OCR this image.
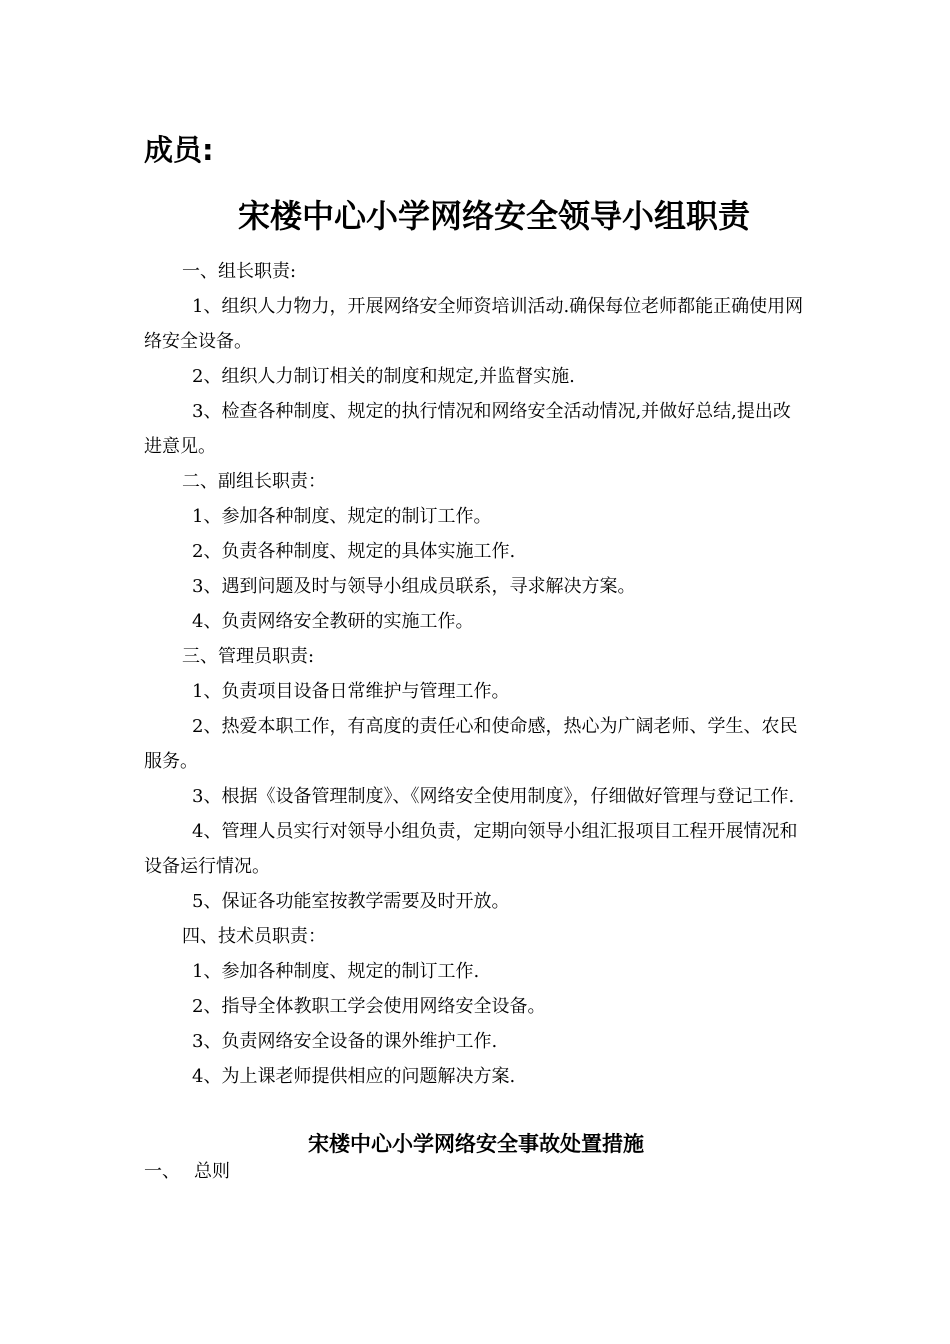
成员:
宋楼中心小学网络安全领导小组职责

一、组长职责:

1、组织人力物力，开展网络安全师资培训活动.确保每位老师都能正确使用网络安全设备。

2、组织人力制订相关的制度和规定,并监督实施.

3、检查各种制度、规定的执行情况和网络安全活动情况,并做好总结,提出改进意见。

二、副组长职责：

1、参加各种制度、规定的制订工作。

2、负责各种制度、规定的具体实施工作.

3、遇到问题及时与领导小组成员联系，寻求解决方案。

4、负责网络安全教研的实施工作。

三、管理员职责:

1、负责项目设备日常维护与管理工作。

2、热爱本职工作，有高度的责任心和使命感，热心为广阔老师、学生、农民服务。

3、根据《设备管理制度》、《网络安全使用制度》，仔细做好管理与登记工作.

4、管理人员实行对领导小组负责，定期向领导小组汇报项目工程开展情况和设备运行情况。

5、保证各功能室按教学需要及时开放。

四、技术员职责：

1、参加各种制度、规定的制订工作.

2、指导全体教职工学会使用网络安全设备。

3、负责网络安全设备的课外维护工作.

4、为上课老师提供相应的问题解决方案.

宋楼中心小学网络安全事故处置措施

一、 总则
